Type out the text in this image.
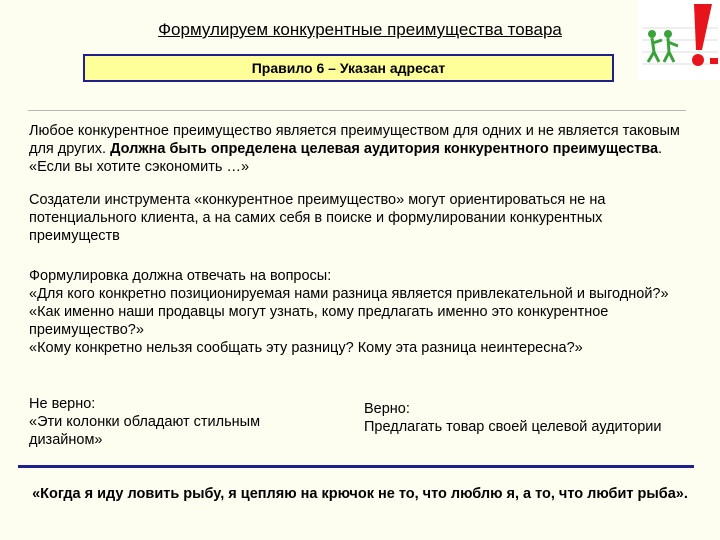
Формулируем конкурентные преимущества товара
Правило 6 – Указан адресат
Любое конкурентное преимущество является преимуществом для одних и не является таковым для других. Должна быть определена целевая аудитория конкурентного преимущества. «Если вы хотите сэкономить …»
Создатели инструмента «конкурентное преимущество» могут ориентироваться не на потенциального клиента, а на самих себя в поиске и формулировании конкурентных преимуществ
Формулировка должна отвечать на вопросы:
«Для кого конкретно позиционируемая нами разница является привлекательной и выгодной?»
«Как именно наши продавцы могут узнать, кому предлагать именно это конкурентное преимущество?»
«Кому конкретно нельзя сообщать эту разницу? Кому эта разница неинтересна?»
Не верно:
«Эти колонки обладают стильным дизайном»
Верно:
Предлагать товар своей целевой аудитории
«Когда я иду ловить рыбу, я цепляю на крючок не то, что люблю я, а то, что любит рыба».
